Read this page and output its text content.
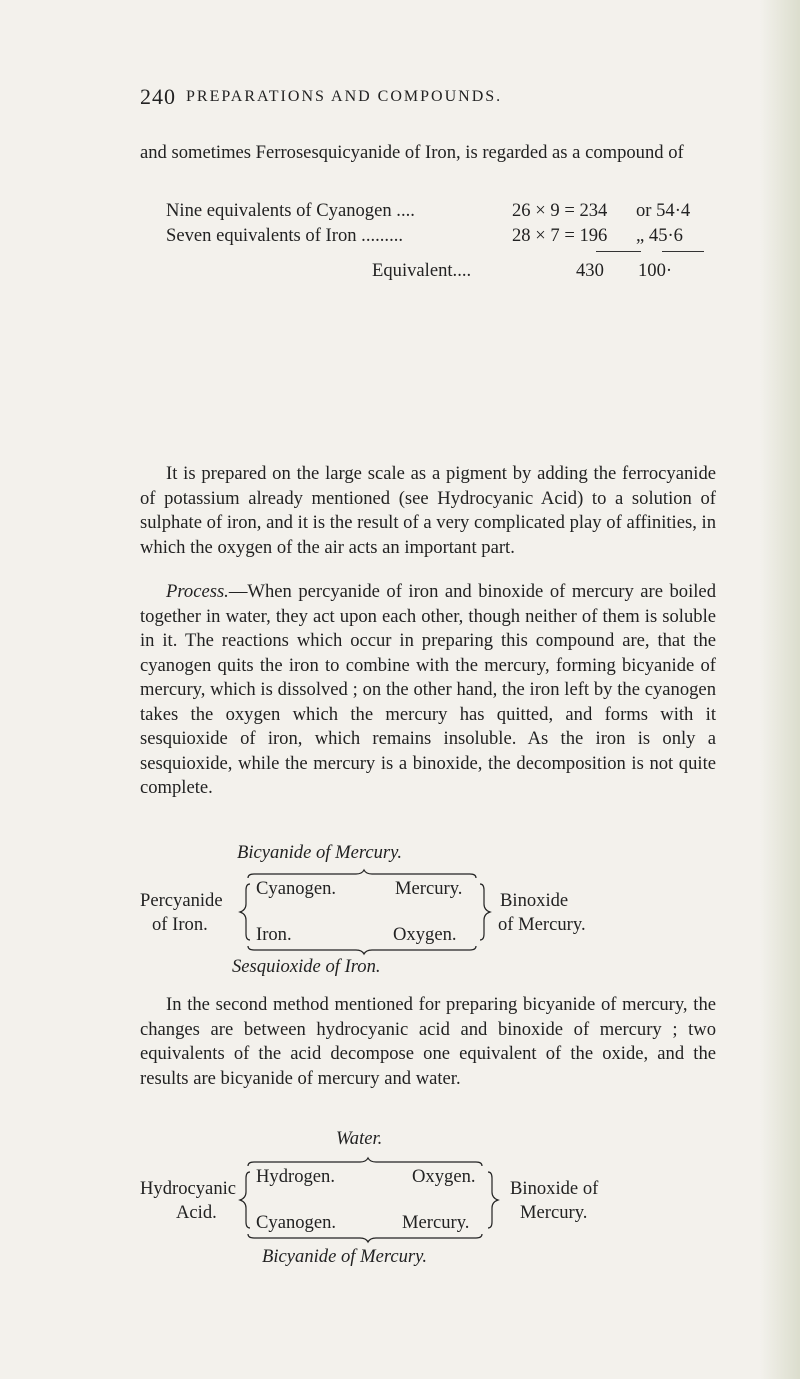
240 PREPARATIONS AND COMPOUNDS.
and sometimes Ferrosesquicyanide of Iron, is regarded as a compound of
Nine equivalents of Cyanogen ....	26 × 9 = 234 or 54·4
Seven equivalents of Iron .........	28 × 7 = 196 „ 45·6
Equivalent....	430 100·
It is prepared on the large scale as a pigment by adding the ferrocyanide of potassium already mentioned (see Hydrocyanic Acid) to a solution of sulphate of iron, and it is the result of a very complicated play of affinities, in which the oxygen of the air acts an important part.
Process.—When percyanide of iron and binoxide of mercury are boiled together in water, they act upon each other, though neither of them is soluble in it. The reactions which occur in preparing this compound are, that the cyanogen quits the iron to combine with the mercury, forming bicyanide of mercury, which is dissolved ; on the other hand, the iron left by the cyanogen takes the oxygen which the mercury has quitted, and forms with it sesquioxide of iron, which remains insoluble. As the iron is only a sesquioxide, while the mercury is a binoxide, the decomposition is not quite complete.
Bicyanide of Mercury.
Percyanide
of Iron.
Cyanogen.	Mercury.
Iron.	Oxygen.
Binoxide
of Mercury.
Sesquioxide of Iron.
In the second method mentioned for preparing bicyanide of mercury, the changes are between hydrocyanic acid and binoxide of mercury ; two equivalents of the acid decompose one equivalent of the oxide, and the results are bicyanide of mercury and water.
Water.
Hydrocyanic
Acid.
Hydrogen.	Oxygen.
Cyanogen.	Mercury.
Binoxide of
Mercury.
Bicyanide of Mercury.
